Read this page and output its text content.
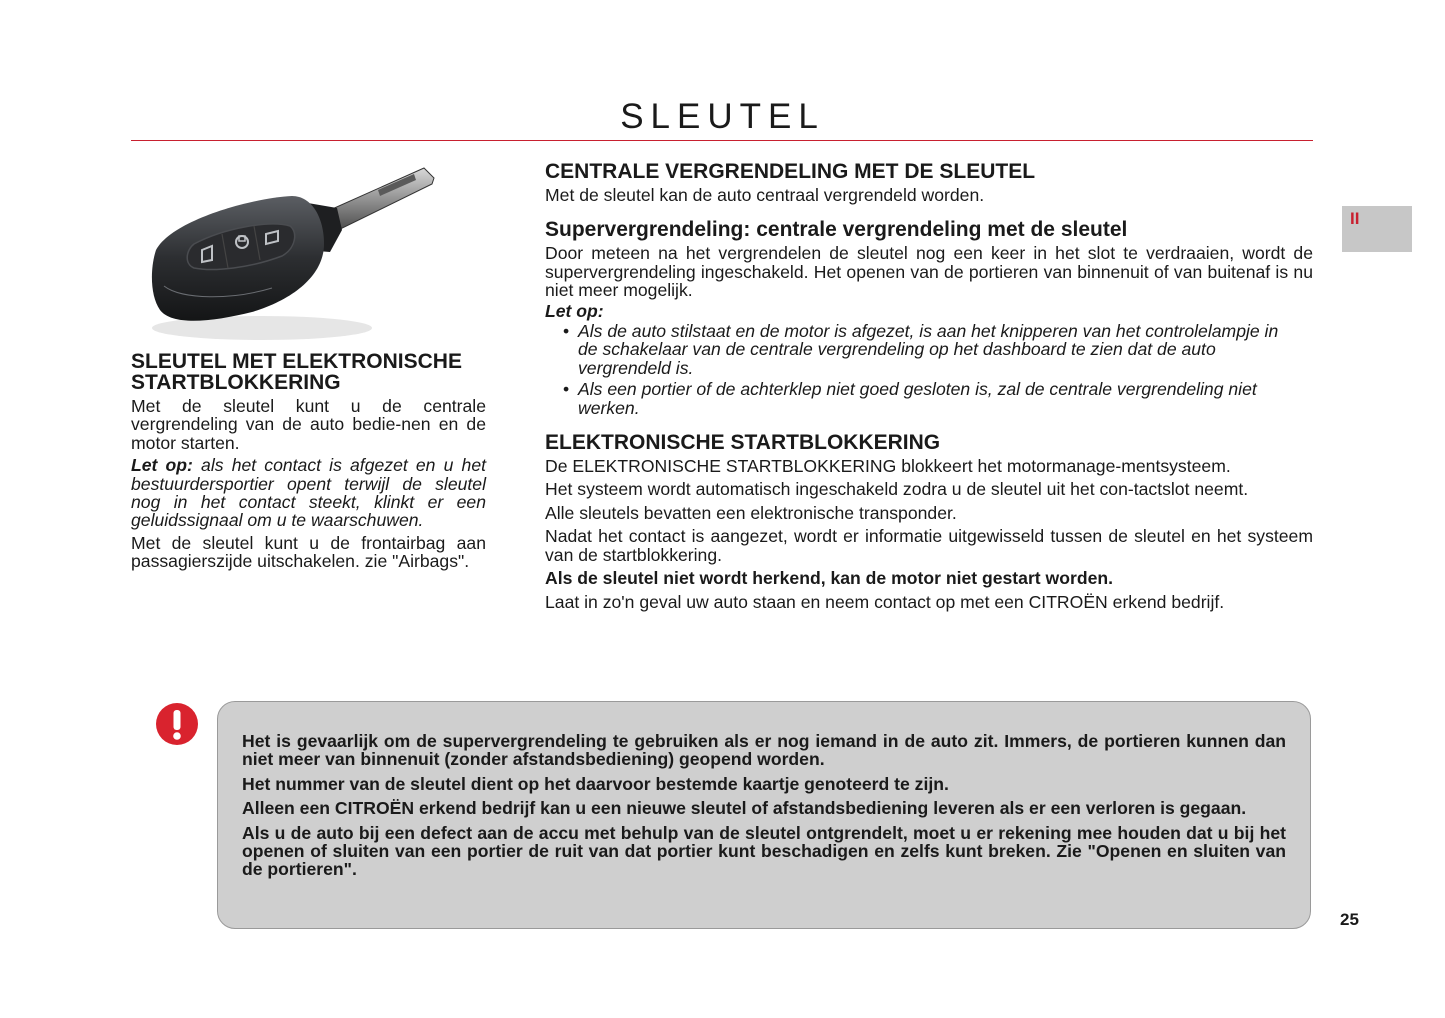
SLEUTEL
II
SLEUTEL MET ELEKTRONISCHE STARTBLOKKERING

Met de sleutel kunt u de centrale vergrendeling van de auto bedie-nen en de motor starten.

Let op: als het contact is afgezet en u het bestuurdersportier opent terwijl de sleutel nog in het contact steekt, klinkt er een geluidssignaal om u te waarschuwen.

Met de sleutel kunt u de frontairbag aan passagierszijde uitschakelen. zie "Airbags".

CENTRALE VERGRENDELING MET DE SLEUTEL

Met de sleutel kan de auto centraal vergrendeld worden.

Supervergrendeling: centrale vergrendeling met de sleutel

Door meteen na het vergrendelen de sleutel nog een keer in het slot te verdraaien, wordt de supervergrendeling ingeschakeld. Het openen van de portieren van binnenuit of van buitenaf is nu niet meer mogelijk.

Let op:

• Als de auto stilstaat en de motor is afgezet, is aan het knipperen van het controlelampje in de schakelaar van de centrale vergrendeling op het dashboard te zien dat de auto vergrendeld is.
• Als een portier of de achterklep niet goed gesloten is, zal de centrale vergrendeling niet werken.
ELEKTRONISCHE STARTBLOKKERING

De ELEKTRONISCHE STARTBLOKKERING blokkeert het motormanage-mentsysteem.

Het systeem wordt automatisch ingeschakeld zodra u de sleutel uit het con-tactslot neemt.

Alle sleutels bevatten een elektronische transponder.

Nadat het contact is aangezet, wordt er informatie uitgewisseld tussen de sleutel en het systeem van de startblokkering.

Als de sleutel niet wordt herkend, kan de motor niet gestart worden.

Laat in zo'n geval uw auto staan en neem contact op met een CITROËN erkend bedrijf.

Het is gevaarlijk om de supervergrendeling te gebruiken als er nog iemand in de auto zit. Immers, de portieren kunnen dan niet meer van binnenuit (zonder afstandsbediening) geopend worden.

Het nummer van de sleutel dient op het daarvoor bestemde kaartje genoteerd te zijn.

Alleen een CITROËN erkend bedrijf kan u een nieuwe sleutel of afstandsbediening leveren als er een verloren is gegaan.

Als u de auto bij een defect aan de accu met behulp van de sleutel ontgrendelt, moet u er rekening mee houden dat u bij het openen of sluiten van een portier de ruit van dat portier kunt beschadigen en zelfs kunt breken. Zie "Openen en sluiten van de portieren".

25
